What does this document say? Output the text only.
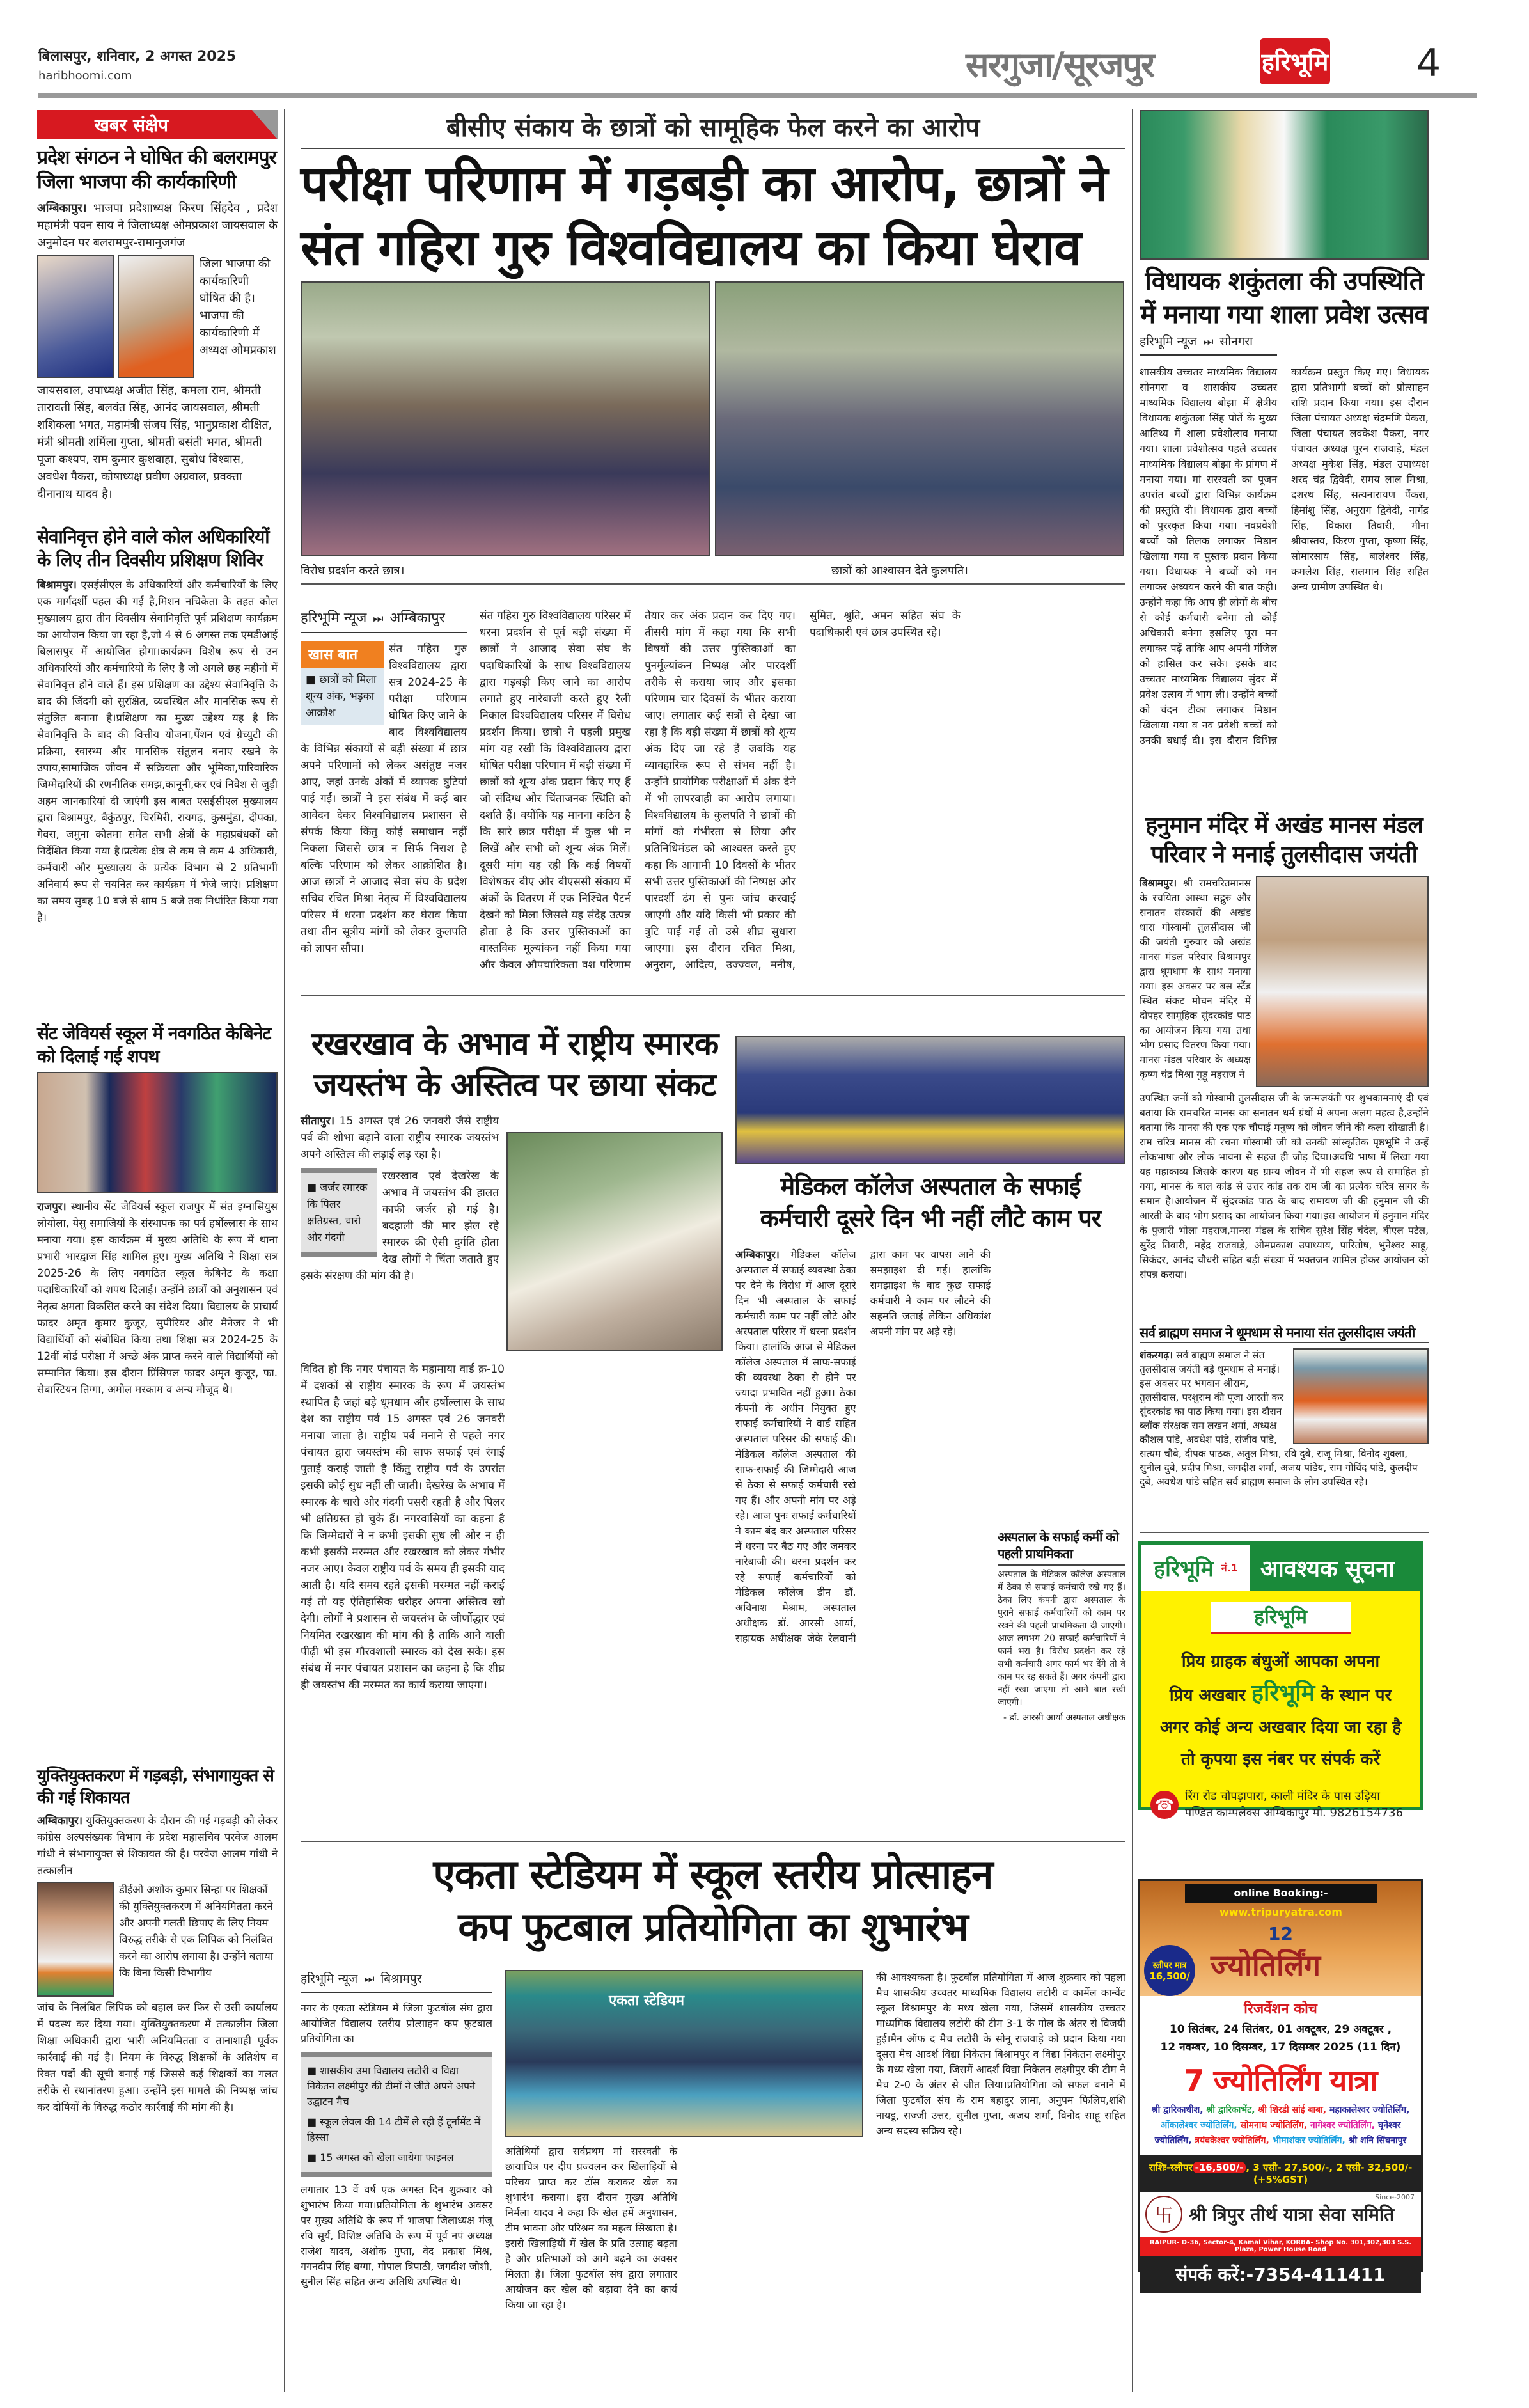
बिलासपुर, शनिवार, 2 अगस्त 2025
haribhoomi.com	सरगुजा/सूरजपुर	हरिभूमि 4
खबर संक्षेप
प्रदेश संगठन ने घोषित की बलरामपुर जिला भाजपा की कार्यकारिणी
अम्बिकापुर। भाजपा प्रदेशाध्यक्ष किरण सिंहदेव , प्रदेश महामंत्री पवन साय ने जिलाध्यक्ष ओमप्रकाश जायसवाल के अनुमोदन पर बलरामपुर-रामानुजगंज
जिला भाजपा की कार्यकारिणी घोषित की है। भाजपा की कार्यकारिणी में अध्यक्ष ओमप्रकाश
जायसवाल, उपाध्यक्ष अजीत सिंह, कमला राम, श्रीमती तारावती सिंह, बलवंत सिंह, आनंद जायसवाल, श्रीमती शशिकला भगत, महामंत्री संजय सिंह, भानुप्रकाश दीक्षित, मंत्री श्रीमती शर्मिला गुप्ता, श्रीमती बसंती भगत, श्रीमती पूजा कश्यप, राम कुमार कुशवाहा, सुबोध विश्वास, अवधेश पैकरा, कोषाध्यक्ष प्रवीण अग्रवाल, प्रवक्ता दीनानाथ यादव है।
सेवानिवृत्त होने वाले कोल अधिकारियों के लिए तीन दिवसीय प्रशिक्षण शिविर
बिश्रामपुर। एसईसीएल के अधिकारियों और कर्मचारियों के लिए एक मार्गदर्शी पहल की गई है,मिशन नचिकेता के तहत कोल मुख्यालय द्वारा तीन दिवसीय सेवानिवृत्ति पूर्व प्रशिक्षण कार्यक्रम का आयोजन किया जा रहा है,जो 4 से 6 अगस्त तक एमडीआई बिलासपुर में आयोजित होगा।कार्यक्रम विशेष रूप से उन अधिकारियों और कर्मचारियों के लिए है जो अगले छह महीनों में सेवानिवृत्त होने वाले हैं। इस प्रशिक्षण का उद्देश्य सेवानिवृत्ति के बाद की जिंदगी को सुरक्षित, व्यवस्थित और मानसिक रूप से संतुलित बनाना है।प्रशिक्षण का मुख्य उद्देश्य यह है कि सेवानिवृत्ति के बाद की वित्तीय योजना,पेंशन एवं ग्रेच्युटी की प्रक्रिया, स्वास्थ्य और मानसिक संतुलन बनाए रखने के उपाय,सामाजिक जीवन में सक्रियता और भूमिका,पारिवारिक जिम्मेदारियों की रणनीतिक समझ,कानूनी,कर एवं निवेश से जुड़ी अहम जानकारियां दी जाएंगी इस बाबत एसईसीएल मुख्यालय द्वारा बिश्रामपुर, बैकुंठपुर, चिरमिरी, रायगढ़, कुसमुंडा, दीपका, गेवरा, जमुना कोतमा समेत सभी क्षेत्रों के महाप्रबंधकों को निर्देशित किया गया है।प्रत्येक क्षेत्र से कम से कम 4 अधिकारी, कर्मचारी और मुख्यालय के प्रत्येक विभाग से 2 प्रतिभागी अनिवार्य रूप से चयनित कर कार्यक्रम में भेजे जाएं। प्रशिक्षण का समय सुबह 10 बजे से शाम 5 बजे तक निर्धारित किया गया है।
सेंट जेवियर्स स्कूल में नवगठित केबिनेट को दिलाई गई शपथ
राजपुर। स्थानीय सेंट जेवियर्स स्कूल राजपुर में संत इग्नासियुस लोयोला, येसु समाजियों के संस्थापक का पर्व हर्षोल्लास के साथ मनाया गया। इस कार्यक्रम में मुख्य अतिथि के रूप में थाना प्रभारी भारद्वाज सिंह शामिल हुए। मुख्य अतिथि ने शिक्षा सत्र 2025-26 के लिए नवगठित स्कूल केबिनेट के कक्षा पदाधिकारियों को शपथ दिलाई। उन्होंने छात्रों को अनुशासन एवं नेतृत्व क्षमता विकसित करने का संदेश दिया। विद्यालय के प्राचार्य फादर अमृत कुमार कुजूर, सुपीरियर और मैनेजर ने भी विद्यार्थियों को संबोधित किया तथा शिक्षा सत्र 2024-25 के 12वीं बोर्ड परीक्षा में अच्छे अंक प्राप्त करने वाले विद्यार्थियों को सम्मानित किया। इस दौरान प्रिंसिपल फादर अमृत कुजूर, फा. सेबास्टियन तिग्गा, अमोल मरकाम व अन्य मौजूद थे।
युक्तियुक्तकरण में गड़बड़ी, संभागायुक्त से की गई शिकायत
अम्बिकापुर। युक्तियुक्तकरण के दौरान की गई गड़बड़ी को लेकर कांग्रेस अल्पसंख्यक विभाग के प्रदेश महासचिव परवेज आलम गांधी ने संभागायुक्त से शिकायत की है। परवेज आलम गांधी ने तत्कालीन
डीईओ अशोक कुमार सिन्हा पर शिक्षकों की युक्तियुक्तकरण में अनियमितता करने और अपनी गलती छिपाए के लिए नियम विरुद्ध तरीके से एक लिपिक को निलंबित करने का आरोप लगाया है। उन्होंने बताया कि बिना किसी विभागीय
जांच के निलंबित लिपिक को बहाल कर फिर से उसी कार्यालय में पदस्थ कर दिया गया। युक्तियुक्तकरण में तत्कालीन जिला शिक्षा अधिकारी द्वारा भारी अनियमितता व तानाशाही पूर्वक कार्रवाई की गई है। नियम के विरुद्ध शिक्षकों के अतिशेष व रिक्त पदों की सूची बनाई गई जिससे कई शिक्षकों का गलत तरीके से स्थानांतरण हुआ। उन्होंने इस मामले की निष्पक्ष जांच कर दोषियों के विरुद्ध कठोर कार्रवाई की मांग की है।
बीसीए संकाय के छात्रों को सामूहिक फेल करने का आरोप
परीक्षा परिणाम में गड़बड़ी का आरोप, छात्रों ने
संत गहिरा गुरु विश्वविद्यालय का किया घेराव
विरोध प्रदर्शन करते छात्र।	छात्रों को आश्वासन देते कुलपति।
हरिभूमि न्यूज ⏭ अम्बिकापुर
खास बात
■ छात्रों को मिला शून्य अंक, भड़का आक्रोश
संत गहिरा गुरु विश्वविद्यालय द्वारा सत्र 2024-25 के परीक्षा परिणाम घोषित किए जाने के बाद विश्वविद्यालय के विभिन्न संकायों से बड़ी संख्या में छात्र अपने परिणामों को लेकर असंतुष्ट नजर आए, जहां उनके अंकों में व्यापक त्रुटियां पाई गईं। छात्रों ने इस संबंध में कई बार आवेदन देकर विश्वविद्यालय प्रशासन से संपर्क किया किंतु कोई समाधान नहीं निकला जिससे छात्र न सिर्फ निराश है बल्कि परिणाम को लेकर आक्रोशित है। आज छात्रों ने आजाद सेवा संघ के प्रदेश सचिव रचित मिश्रा नेतृत्व में विश्वविद्यालय परिसर में धरना प्रदर्शन कर घेराव किया तथा तीन सूत्रीय मांगों को लेकर कुलपति को ज्ञापन सौंपा।
संत गहिरा गुरु विश्वविद्यालय परिसर में धरना प्रदर्शन से पूर्व बड़ी संख्या में छात्रों ने आजाद सेवा संघ के पदाधिकारियों के साथ विश्वविद्यालय द्वारा गड़बड़ी किए जाने का आरोप लगाते हुए नारेबाजी करते हुए रैली निकाल विश्वविद्यालय परिसर में विरोध प्रदर्शन किया। छात्रो ने पहली प्रमुख मांग यह रखी कि विश्वविद्यालय द्वारा घोषित परीक्षा परिणाम में बड़ी संख्या में छात्रों को शून्य अंक प्रदान किए गए हैं जो संदिग्ध और चिंताजनक स्थिति को दर्शाते हैं। क्योंकि यह मानना कठिन है कि सारे छात्र परीक्षा में कुछ भी न लिखें और सभी को शून्य अंक मिलें। दूसरी मांग यह रही कि कई विषयों विशेषकर बीए और बीएससी संकाय में अंकों के वितरण में एक निश्चित पैटर्न देखने को मिला जिससे यह संदेह उत्पन्न होता है कि उत्तर पुस्तिकाओं का वास्तविक मूल्यांकन नहीं किया गया और केवल औपचारिकता वश परिणाम तैयार कर अंक प्रदान कर दिए गए। तीसरी मांग में कहा गया कि सभी विषयों की उत्तर पुस्तिकाओं का पुनर्मूल्यांकन निष्पक्ष और पारदर्शी तरीके से कराया जाए और इसका परिणाम चार दिवसों के भीतर कराया जाए। लगातार कई सत्रों से देखा जा रहा है कि बड़ी संख्या में छात्रों को शून्य अंक दिए जा रहे हैं जबकि यह व्यावहारिक रूप से संभव नहीं है। उन्होंने प्रायोगिक परीक्षाओं में अंक देने में भी लापरवाही का आरोप लगाया। विश्वविद्यालय के कुलपति ने छात्रों की मांगों को गंभीरता से लिया और प्रतिनिधिमंडल को आश्वस्त करते हुए कहा कि आगामी 10 दिवसों के भीतर सभी उत्तर पुस्तिकाओं की निष्पक्ष और पारदर्शी ढंग से पुनः जांच करवाई जाएगी और यदि किसी भी प्रकार की त्रुटि पाई गई तो उसे शीघ्र सुधारा जाएगा। इस दौरान रचित मिश्रा, अनुराग, आदित्य, उज्ज्वल, मनीष, सुमित, श्रुति, अमन सहित संघ के पदाधिकारी एवं छात्र उपस्थित रहे।
विधायक शकुंतला की उपस्थिति में मनाया गया शाला प्रवेश उत्सव
हरिभूमि न्यूज ⏭ सोनगरा
शासकीय उच्चतर माध्यमिक विद्यालय सोनगरा व शासकीय उच्चतर माध्यमिक विद्यालय बोझा में क्षेत्रीय विधायक शकुंतला सिंह पोर्ते के मुख्य आतिथ्य में शाला प्रवेशोत्सव मनाया गया। शाला प्रवेशोत्सव पहले उच्चतर माध्यमिक विद्यालय बोझा के प्रांगण में मनाया गया। मां सरस्वती का पूजन उपरांत बच्चों द्वारा विभिन्न कार्यक्रम की प्रस्तुति दी। विधायक द्वारा बच्चों को पुरस्कृत किया गया। नवप्रवेशी बच्चों को तिलक लगाकर मिष्ठान खिलाया गया व पुस्तक प्रदान किया गया। विधायक ने बच्चों को मन लगाकर अध्ययन करने की बात कही। उन्होंने कहा कि आप ही लोगों के बीच से कोई कर्मचारी बनेगा तो कोई अधिकारी बनेगा इसलिए पूरा मन लगाकर पढ़ें ताकि आप अपनी मंजिल को हासिल कर सके। इसके बाद उच्चतर माध्यमिक विद्यालय सुंदर में प्रवेश उत्सव में भाग ली। उन्होंने बच्चों को चंदन टीका लगाकर मिष्ठान खिलाया गया व नव प्रवेशी बच्चों को उनकी बधाई दी। इस दौरान विभिन्न कार्यक्रम प्रस्तुत किए गए। विधायक द्वारा प्रतिभागी बच्चों को प्रोत्साहन राशि प्रदान किया गया। इस दौरान जिला पंचायत अध्यक्ष चंद्रमणि पैकरा, जिला पंचायत लवकेश पैकरा, नगर पंचायत अध्यक्ष पूरन राजवाड़े, मंडल अध्यक्ष मुकेश सिंह, मंडल उपाध्यक्ष शरद चंद्र द्विवेदी, समय लाल मिश्रा, दशरथ सिंह, सत्यनारायण पैंकरा, हिमांशु सिंह, अनुराग द्विवेदी, नागेंद्र सिंह, विकास तिवारी, मीना श्रीवास्तव, किरण गुप्ता, कृष्णा सिंह, सोमारसाय सिंह, बालेश्वर सिंह, कमलेश सिंह, सलमान सिंह सहित अन्य ग्रामीण उपस्थित थे।
हनुमान मंदिर में अखंड मानस मंडल परिवार ने मनाई तुलसीदास जयंती
बिश्रामपुर। श्री रामचरितमानस के रचयिता आस्था सद्गुरु और सनातन संस्कारों की अखंड धारा गोस्वामी तुलसीदास जी की जयंती गुरुवार को अखंड मानस मंडल परिवार बिश्रामपुर द्वारा धूमधाम के साथ मनाया गया। इस अवसर पर बस स्टैंड स्थित संकट मोचन मंदिर में दोपहर सामूहिक सुंदरकांड पाठ का आयोजन किया गया तथा भोग प्रसाद वितरण किया गया। मानस मंडल परिवार के अध्यक्ष कृष्ण चंद्र मिश्रा गुड्डू महराज ने
उपस्थित जनों को गोस्वामी तुलसीदास जी के जन्मजयंती पर शुभकामनाएं दी एवं बताया कि रामचरित मानस का सनातन धर्म ग्रंथों में अपना अलग महत्व है,उन्होंने बताया कि मानस की एक एक चौपाई मनुष्य को जीवन जीने की कला सीखाती है।राम चरित्र मानस की रचना गोस्वामी जी को उनकी सांस्कृतिक पृष्ठभूमि ने उन्हें लोकभाषा और लोक भावना से सहज ही जोड़ दिया।अवधि भाषा में लिखा गया यह महाकाव्य जिसके कारण यह ग्राम्य जीवन में भी सहज रूप से समाहित हो गया, मानस के बाल कांड से उत्तर कांड तक राम जी का प्रत्येक चरित्र सागर के समान है।आयोजन में सुंदरकांड पाठ के बाद रामायण जी की हनुमान जी की आरती के बाद भोग प्रसाद का आयोजन किया गया।इस आयोजन में हनुमान मंदिर के पुजारी भोला महराज,मानस मंडल के सचिव सुरेश सिंह चंदेल, बीएल पटेल, सुरेंद्र तिवारी, महेंद्र राजवाड़े, ओमप्रकाश उपाध्याय, पारितोष, भुनेश्वर साहू, सिकंदर, आनंद चौधरी सहित बड़ी संख्या में भक्तजन शामिल होकर आयोजन को संपन्न कराया।
सर्व ब्राह्मण समाज ने धूमधाम से मनाया संत तुलसीदास जयंती
शंकरगढ़। सर्व ब्राह्मण समाज ने संत तुलसीदास जयंती बड़े धूमधाम से मनाई। इस अवसर पर भगवान श्रीराम, तुलसीदास, परशुराम की पूजा आरती कर सुंदरकांड का पाठ किया गया। इस दौरान ब्लॉक संरक्षक राम लखन शर्मा, अध्यक्ष कौशल पांडे, अवधेश पांडे, संजीव पांडे, सत्यम चौबे, दीपक पाठक, अतुल मिश्रा, रवि दुबे, राजू मिश्रा, विनोद शुक्ला, सुनील दुबे, प्रदीप मिश्रा, जगदीश शर्मा, अजय पांडेय, राम गोविंद पांडे, कुलदीप दुबे, अवधेश पांडे सहित सर्व ब्राह्मण समाज के लोग उपस्थित रहे।
रखरखाव के अभाव में राष्ट्रीय स्मारक
जयस्तंभ के अस्तित्व पर छाया संकट
सीतापुर। 15 अगस्त एवं 26 जनवरी जैसे राष्ट्रीय पर्व की शोभा बढ़ाने वाला राष्ट्रीय स्मारक जयस्तंभ अपने अस्तित्व की लड़ाई लड़ रहा है।
■ जर्जर स्मारक कि पिलर क्षतिग्रस्त, चारो ओर गंदगी
रखरखाव एवं देखरेख के अभाव में जयस्तंभ की हालत काफी जर्जर हो गई है। बदहाली की मार झेल रहे स्मारक की ऐसी दुर्गति होता देख लोगों ने चिंता जताते हुए इसके संरक्षण की मांग की है।
विदित हो कि नगर पंचायत के महामाया वार्ड क्र-10 में दशकों से राष्ट्रीय स्मारक के रूप में जयस्तंभ स्थापित है जहां बड़े धूमधाम और हर्षोल्लास के साथ देश का राष्ट्रीय पर्व 15 अगस्त एवं 26 जनवरी मनाया जाता है। राष्ट्रीय पर्व मनाने से पहले नगर पंचायत द्वारा जयस्तंभ की साफ सफाई एवं रंगाई पुताई कराई जाती है किंतु राष्ट्रीय पर्व के उपरांत इसकी कोई सुध नहीं ली जाती। देखरेख के अभाव में स्मारक के चारो ओर गंदगी पसरी रहती है और पिलर भी क्षतिग्रस्त हो चुके हैं। नगरवासियों का कहना है कि जिम्मेदारों ने न कभी इसकी सुध ली और न ही कभी इसकी मरम्मत और रखरखाव को लेकर गंभीर नजर आए। केवल राष्ट्रीय पर्व के समय ही इसकी याद आती है। यदि समय रहते इसकी मरम्मत नहीं कराई गई तो यह ऐतिहासिक धरोहर अपना अस्तित्व खो देगी। लोगों ने प्रशासन से जयस्तंभ के जीर्णोद्धार एवं नियमित रखरखाव की मांग की है ताकि आने वाली पीढ़ी भी इस गौरवशाली स्मारक को देख सके। इस संबंध में नगर पंचायत प्रशासन का कहना है कि शीघ्र ही जयस्तंभ की मरम्मत का कार्य कराया जाएगा।
मेडिकल कॉलेज अस्पताल के सफाई
कर्मचारी दूसरे दिन भी नहीं लौटे काम पर
अम्बिकापुर। मेडिकल कॉलेज अस्पताल में सफाई व्यवस्था ठेका पर देने के विरोध में आज दूसरे दिन भी अस्पताल के सफाई कर्मचारी काम पर नहीं लौटे और अस्पताल परिसर में धरना प्रदर्शन किया। हालांकि आज से मेडिकल कॉलेज अस्पताल में साफ-सफाई की व्यवस्था ठेका से होने पर ज्यादा प्रभावित नहीं हुआ। ठेका कंपनी के अधीन नियुक्त हुए सफाई कर्मचारियों ने वार्ड सहित अस्पताल परिसर की सफाई की। मेडिकल कॉलेज अस्पताल की साफ-सफाई की जिम्मेदारी आज से ठेका से सफाई कर्मचारी रखे गए हैं। और अपनी मांग पर अड़े रहे। आज पुनः सफाई कर्मचारियों ने काम बंद कर अस्पताल परिसर में धरना पर बैठ गए और जमकर नारेबाजी की। धरना प्रदर्शन कर रहे सफाई कर्मचारियों को मेडिकल कॉलेज डीन डॉ. अविनाश मेश्राम, अस्पताल अधीक्षक डॉ. आरसी आर्या, सहायक अधीक्षक जेके रेलवानी द्वारा काम पर वापस आने की समझाइश दी गई। हालांकि समझाइश के बाद कुछ सफाई कर्मचारी ने काम पर लौटने की सहमति जताई लेकिन अधिकांश अपनी मांग पर अड़े रहे।
अस्पताल के सफाई कर्मी को पहली प्राथमिकता
अस्पताल के मेडिकल कॉलेज अस्पताल में ठेका से सफाई कर्मचारी रखे गए हैं। ठेका लिए कंपनी द्वारा अस्पताल के पुराने सफाई कर्मचारियों को काम पर रखने की पहली प्राथमिकता दी जाएगी। आज लगभग 20 सफाई कर्मचारियों ने फार्म भरा है। विरोध प्रदर्शन कर रहे सभी कर्मचारी अगर फार्म भर देंगे तो वे काम पर रह सकते हैं। अगर कंपनी द्वारा नहीं रखा जाएगा तो आगे बात रखी जाएगी।
- डॉ. आरसी आर्या अस्पताल अधीक्षक
एकता स्टेडियम में स्कूल स्तरीय प्रोत्साहन
कप फुटबाल प्रतियोगिता का शुभारंभ
हरिभूमि न्यूज ⏭ बिश्रामपुर
नगर के एकता स्टेडियम में जिला फुटबॉल संघ द्वारा आयोजित विद्यालय स्तरीय प्रोत्साहन कप फुटबाल प्रतियोगिता का
■ शासकीय उमा विद्यालय लटोरी व विद्या निकेतन लक्ष्मीपुर की टीमों ने जीते अपने अपने उद्घाटन मैच
■ स्कूल लेवल की 14 टीमें ले रही हैं टूर्नामेंट में हिस्सा
■ 15 अगस्त को खेला जायेगा फाइनल
लगातार 13 वें वर्ष एक अगस्त दिन शुक्रवार को शुभारंभ किया गया।प्रतियोगिता के शुभारंभ अवसर पर मुख्य अतिथि के रूप में भाजपा जिलाध्यक्ष मंजू रवि सूर्य, विशिष्ट अतिथि के रूप में पूर्व नपं अध्यक्ष राजेश यादव, अशोक गुप्ता, वेद प्रकाश मिश्र, गगनदीप सिंह बग्गा, गोपाल त्रिपाठी, जगदीश जोशी, सुनील सिंह सहित अन्य अतिथि उपस्थित थे।
एकता स्टेडियम
अतिथियों द्वारा सर्वप्रथम मां सरस्वती के छायाचित्र पर दीप प्रज्वलन कर खिलाड़ियों से परिचय प्राप्त कर टॉस कराकर खेल का शुभारंभ कराया। इस दौरान मुख्य अतिथि निर्मला यादव ने कहा कि खेल हमें अनुशासन, टीम भावना और परिश्रम का महत्व सिखाता है। इससे खिलाड़ियों में खेल के प्रति उत्साह बढ़ता है और प्रतिभाओं को आगे बढ़ने का अवसर मिलता है। जिला फुटबॉल संघ द्वारा लगातार आयोजन कर खेल को बढ़ावा देने का कार्य किया जा रहा है।
की आवश्यकता है। फुटबॉल प्रतियोगिता में आज शुक्रवार को पहला मैच शासकीय उच्चतर माध्यमिक विद्यालय लटोरी व कार्मेल कान्वेंट स्कूल बिश्रामपुर के मध्य खेला गया, जिसमें शासकीय उच्चतर माध्यमिक विद्यालय लटोरी की टीम 3-1 के गोल के अंतर से विजयी हुई।मैन ऑफ द मैच लटोरी के सोनू राजवाड़े को प्रदान किया गया दूसरा मैच आदर्श विद्या निकेतन बिश्रामपुर व विद्या निकेतन लक्ष्मीपुर के मध्य खेला गया, जिसमें आदर्श विद्या निकेतन लक्ष्मीपुर की टीम ने मैच 2-0 के अंतर से जीत लिया।प्रतियोगिता को सफल बनाने में जिला फुटबॉल संघ के राम बहादुर लामा, अनुपम फिलिप,शशि नायडू, सज्जी उत्तर, सुनील गुप्ता, अजय शर्मा, विनोद साहू सहित अन्य सदस्य सक्रिय रहे।
हरिभूमि
नं.1 आवश्यक सूचना
हरिभूमि
प्रिय ग्राहक बंधुओं आपका अपना
प्रिय अखबार हरिभूमि के स्थान पर
अगर कोई अन्य अखबार दिया जा रहा है
तो कृपया इस नंबर पर संपर्क करें
☎ रिंग रोड चोपड़ापारा, काली मंदिर के पास उड़िया पण्डित काम्पलेक्स अम्बिकापुर मो. 9826154736
online Booking:-www.tripuryatra.com
12
ज्योतिर्लिंग
स्लीपर मात्र
16,500/
रिजर्वेशन कोच
10 सितंबर, 24 सितंबर, 01 अक्टूबर, 29 अक्टूबर ,
12 नवम्बर, 10 दिसम्बर, 17 दिसम्बर 2025 (11 दिन)
7 ज्योतिर्लिंग यात्रा
श्री द्वारिकाधीश, श्री द्वारिकाभेंट, श्री शिरडी सांई बाबा, महाकालेश्वर ज्योतिर्लिंग, ओंकालेश्वर ज्योतिर्लिंग, सोमनाथ ज्योतिर्लिंग, नागेश्वर ज्योतिर्लिंग, घृनेश्वर ज्योतिर्लिंग, त्रयंबकेश्वर ज्योतिर्लिंग, भीमाशंकर ज्योतिर्लिंग, श्री शनि सिंघनापुर
राशिः-स्लीपर -16,500/- , 3 एसी- 27,500/-, 2 एसी- 32,500/- (+5%GST)
卐 श्री त्रिपुर तीर्थ यात्रा सेवा समिति
Since-2007
RAIPUR- D-36, Sector-4, Kamal Vihar, KORBA- Shop No. 301,302,303 S.S. Plaza, Power House Road
संपर्क करें:-7354-411411
